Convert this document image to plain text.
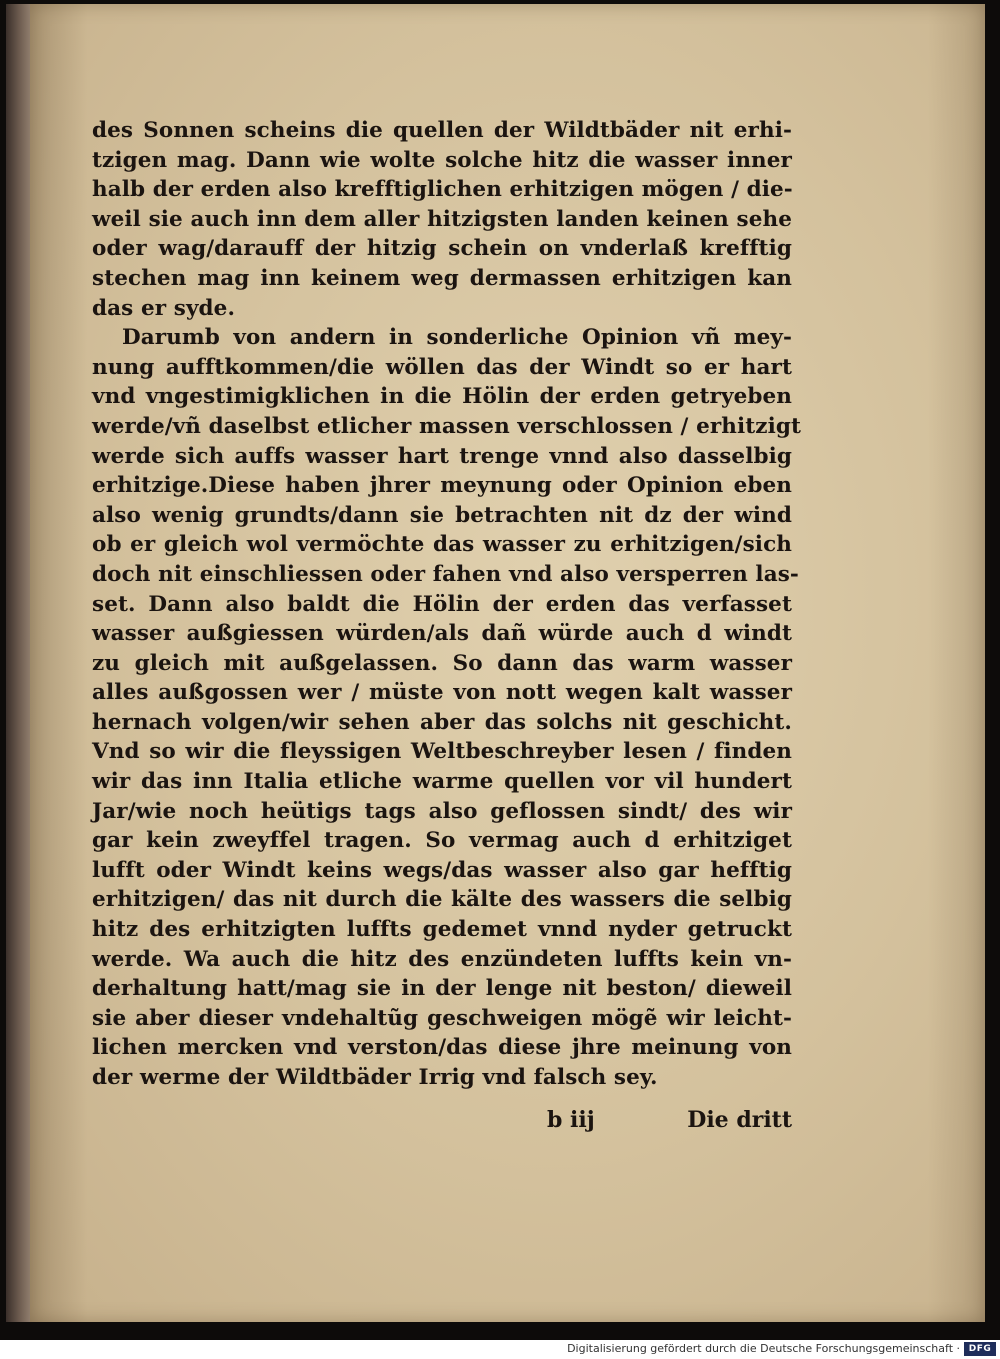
des Sonnen scheins die quellen der Wildtbäder nit erhi-
tzigen mag. Dann wie wolte solche hitz die wasser inner
halb der erden also krefftiglichen erhitzigen mögen / die-
weil sie auch inn dem aller hitzigsten landen keinen sehe
oder wag/darauff der hitzig schein on vnderlaß krefftig
stechen mag inn keinem weg dermassen erhitzigen kan
das er syde.
Darumb von andern in sonderliche Opinion vñ mey-
nung aufftkommen/die wöllen das der Windt so er hart
vnd vngestimigklichen in die Hölin der erden getryeben
werde/vñ daselbst etlicher massen verschlossen / erhitzigt
werde sich auffs wasser hart trenge vnnd also dasselbig
erhitzige.Diese haben jhrer meynung oder Opinion eben
also wenig grundts/dann sie betrachten nit dz der wind
ob er gleich wol vermöchte das wasser zu erhitzigen/sich
doch nit einschliessen oder fahen vnd also versperren las-
set. Dann also baldt die Hölin der erden das verfasset
wasser außgiessen würden/als dañ würde auch d windt
zu gleich mit außgelassen. So dann das warm wasser
alles außgossen wer / müste von nott wegen kalt wasser
hernach volgen/wir sehen aber das solchs nit geschicht.
Vnd so wir die fleyssigen Weltbeschreyber lesen / finden
wir das inn Italia etliche warme quellen vor vil hundert
Jar/wie noch heütigs tags also geflossen sindt/ des wir
gar kein zweyffel tragen. So vermag auch d erhitziget
lufft oder Windt keins wegs/das wasser also gar hefftig
erhitzigen/ das nit durch die kälte des wassers die selbig
hitz des erhitzigten luffts gedemet vnnd nyder getruckt
werde. Wa auch die hitz des enzündeten luffts kein vn-
derhaltung hatt/mag sie in der lenge nit beston/ dieweil
sie aber dieser vndehaltũg geschweigen mögẽ wir leicht-
lichen mercken vnd verston/das diese jhre meinung von
der werme der Wildtbäder Irrig vnd falsch sey.
b iij	Die dritt
Digitalisierung gefördert durch die Deutsche Forschungsgemeinschaft · DFG
